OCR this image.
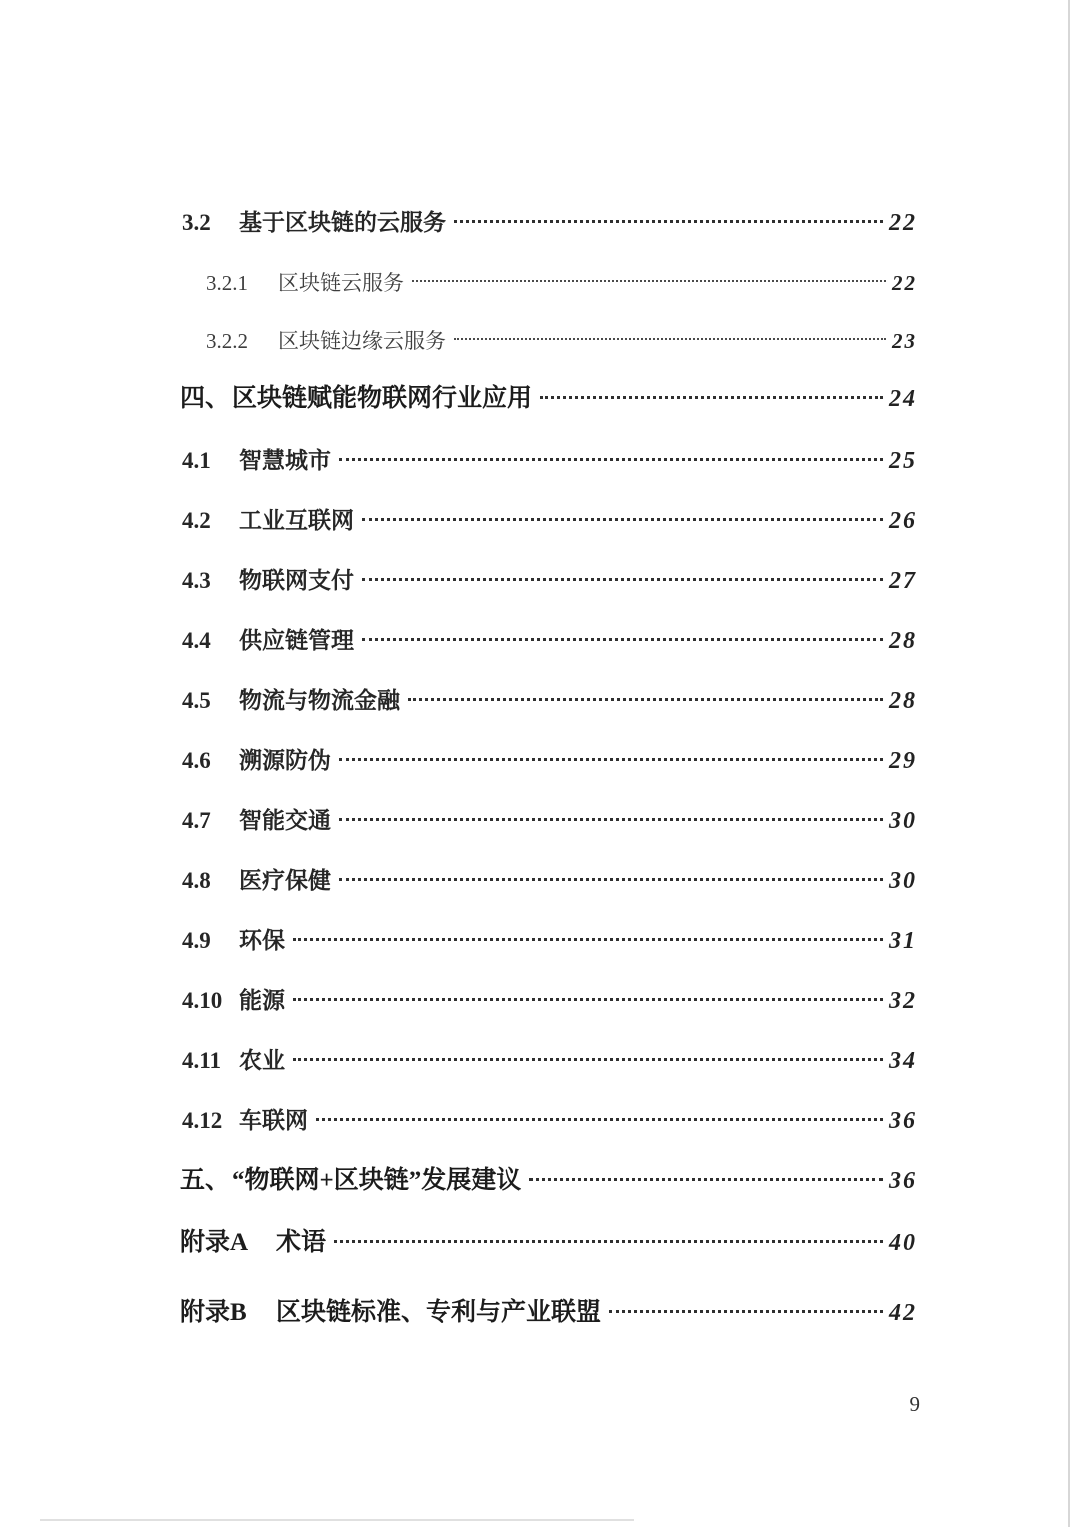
3.2	基于区块链的云服务	22
3.2.1	区块链云服务	22
3.2.2	区块链边缘云服务	23
四、 区块链赋能物联网行业应用	24
4.1	智慧城市	25
4.2	工业互联网	26
4.3	物联网支付	27
4.4	供应链管理	28
4.5	物流与物流金融	28
4.6	溯源防伪	29
4.7	智能交通	30
4.8	医疗保健	30
4.9	环保	31
4.10 能源	32
4.11 农业	34
4.12 车联网	36
五、 “物联网+区块链”发展建议	36
附录A	术语	40
附录B	区块链标准、专利与产业联盟	42
9
